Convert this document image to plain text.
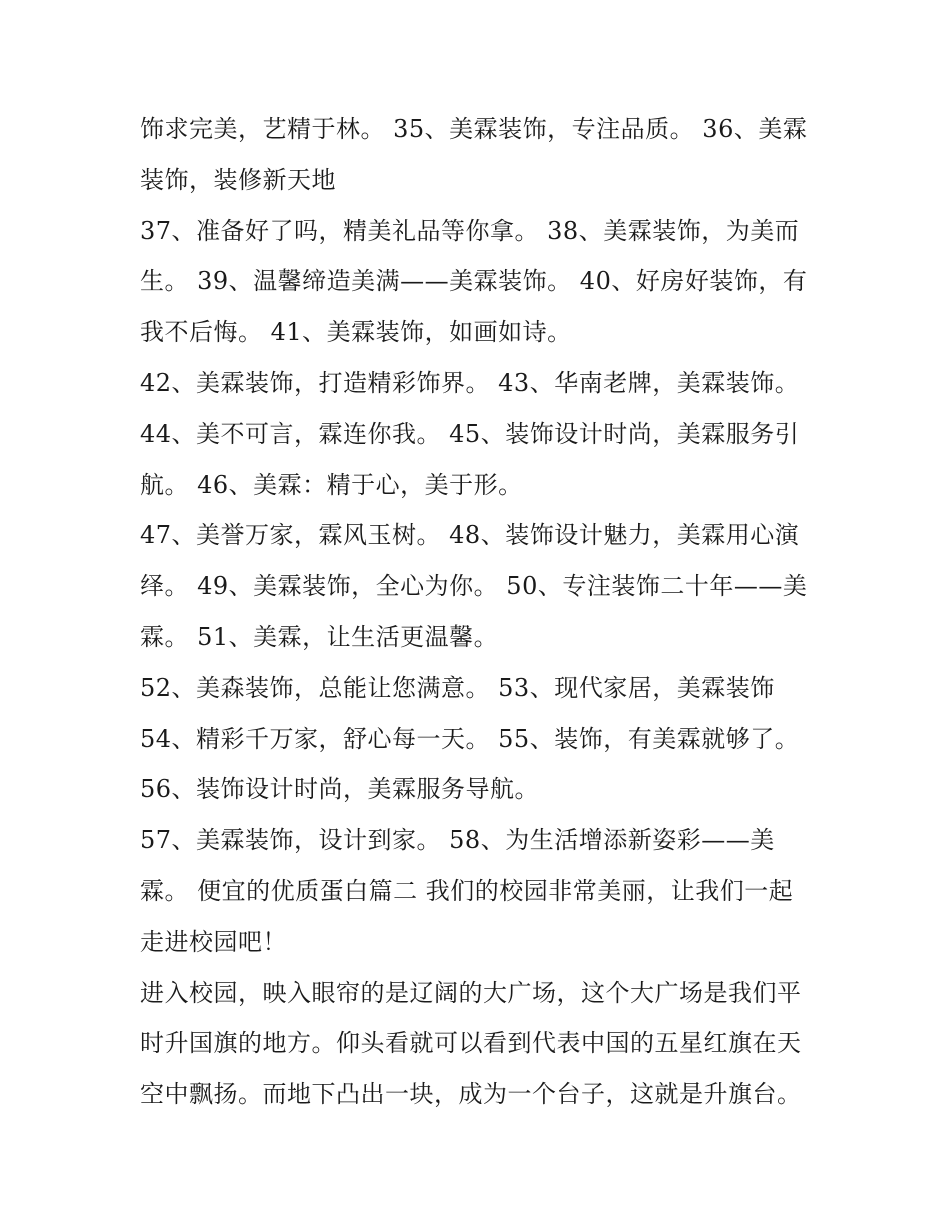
饰求完美，艺精于林。 35、美霖装饰，专注品质。 36、美霖
装饰，装修新天地
37、准备好了吗，精美礼品等你拿。 38、美霖装饰，为美而
生。 39、温馨缔造美满——美霖装饰。 40、好房好装饰，有
我不后悔。 41、美霖装饰，如画如诗。
42、美霖装饰，打造精彩饰界。 43、华南老牌，美霖装饰。
44、美不可言，霖连你我。 45、装饰设计时尚，美霖服务引
航。 46、美霖：精于心，美于形。
47、美誉万家，霖风玉树。 48、装饰设计魅力，美霖用心演
绎。 49、美霖装饰，全心为你。 50、专注装饰二十年——美
霖。 51、美霖，让生活更温馨。
52、美森装饰，总能让您满意。 53、现代家居，美霖装饰
54、精彩千万家，舒心每一天。 55、装饰，有美霖就够了。
56、装饰设计时尚，美霖服务导航。
57、美霖装饰，设计到家。 58、为生活增添新姿彩——美
霖。 便宜的优质蛋白篇二 我们的校园非常美丽，让我们一起
走进校园吧！
进入校园，映入眼帘的是辽阔的大广场，这个大广场是我们平
时升国旗的地方。仰头看就可以看到代表中国的五星红旗在天
空中飘扬。而地下凸出一块，成为一个台子，这就是升旗台。
